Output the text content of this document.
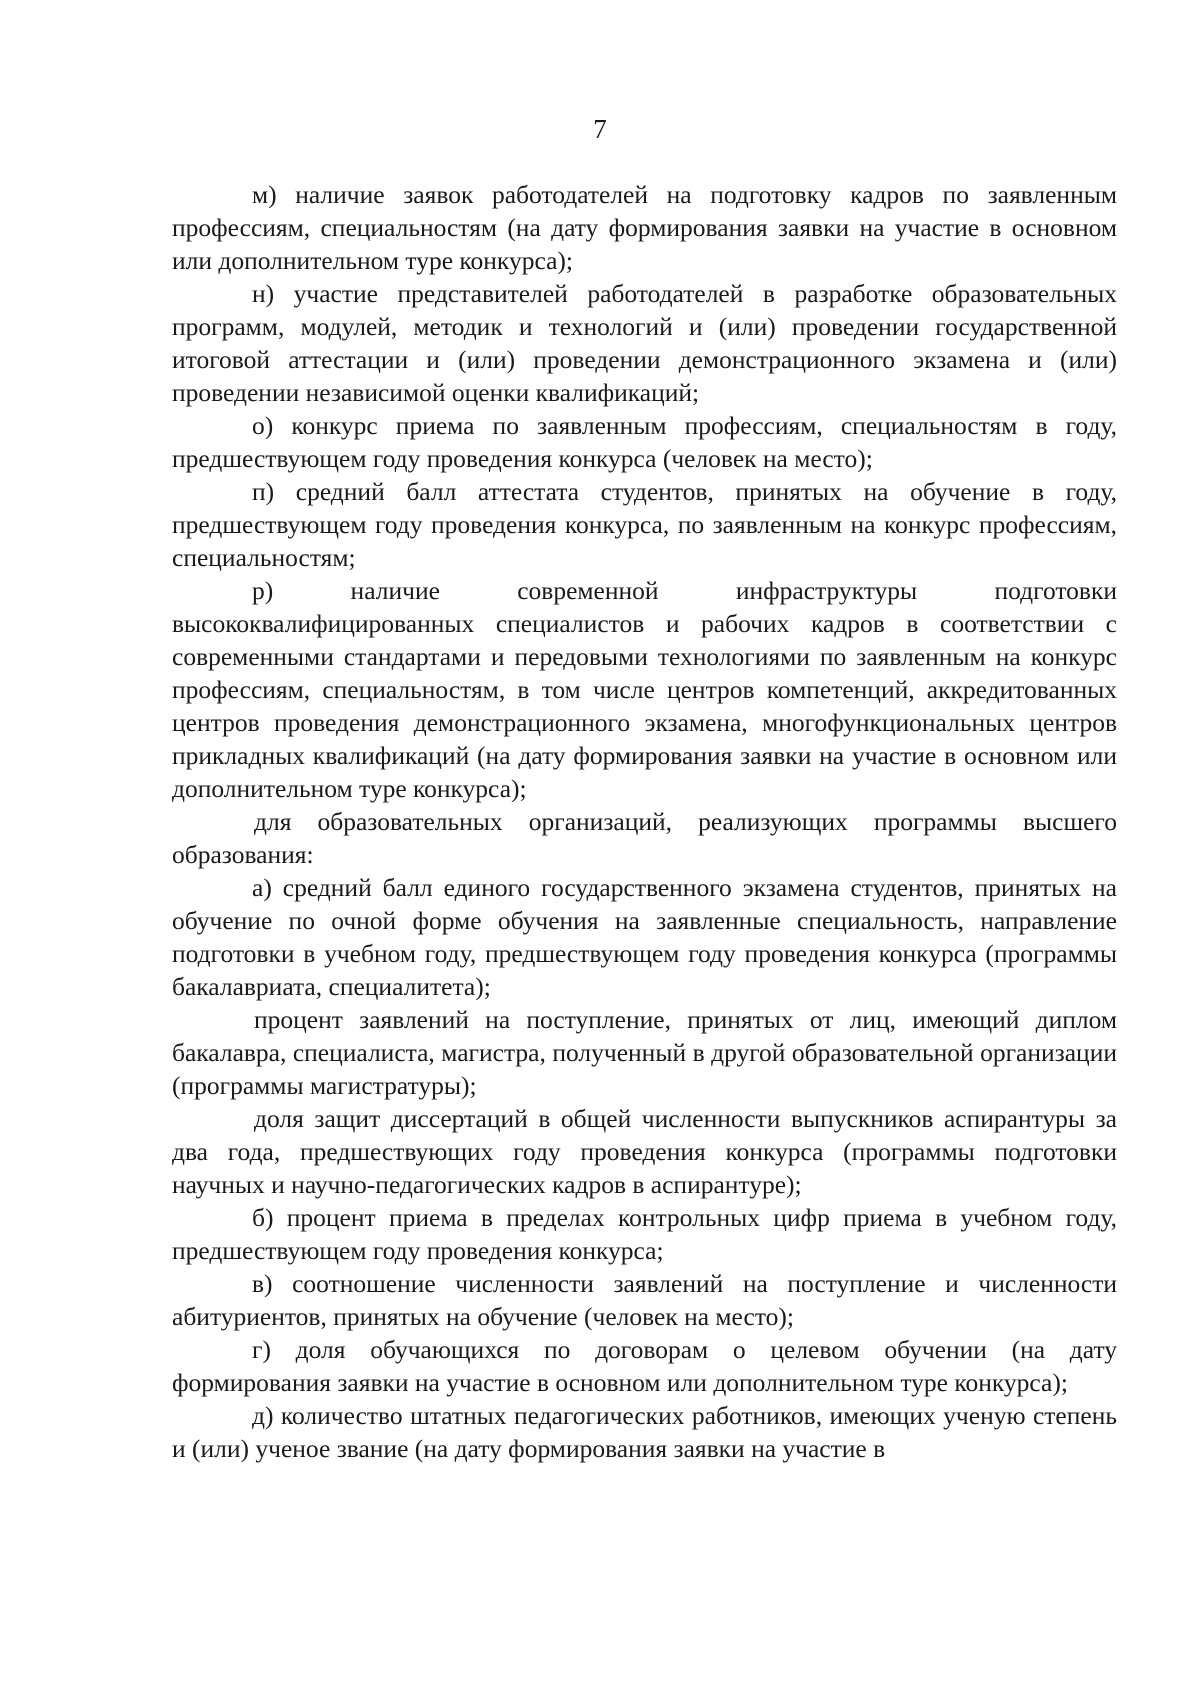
7

м) наличие заявок работодателей на подготовку кадров по заявленным профессиям, специальностям (на дату формирования заявки на участие в основном или дополнительном туре конкурса);

н) участие представителей работодателей в разработке образовательных программ, модулей, методик и технологий и (или) проведении государственной итоговой аттестации и (или) проведении демонстрационного экзамена и (или) проведении независимой оценки квалификаций;

о) конкурс приема по заявленным профессиям, специальностям в году, предшествующем году проведения конкурса (человек на место);

п) средний балл аттестата студентов, принятых на обучение в году, предшествующем году проведения конкурса, по заявленным на конкурс профессиям, специальностям;

р) наличие современной инфраструктуры подготовки высококвалифицированных специалистов и рабочих кадров в соответствии с современными стандартами и передовыми технологиями по заявленным на конкурс профессиям, специальностям, в том числе центров компетенций, аккредитованных центров проведения демонстрационного экзамена, многофункциональных центров прикладных квалификаций (на дату формирования заявки на участие в основном или дополнительном туре конкурса);

для образовательных организаций, реализующих программы высшего образования:

а) средний балл единого государственного экзамена студентов, принятых на обучение по очной форме обучения на заявленные специальность, направление подготовки в учебном году, предшествующем году проведения конкурса (программы бакалавриата, специалитета);

процент заявлений на поступление, принятых от лиц, имеющий диплом бакалавра, специалиста, магистра, полученный в другой образовательной организации (программы магистратуры);

доля защит диссертаций в общей численности выпускников аспирантуры за два года, предшествующих году проведения конкурса (программы подготовки научных и научно-педагогических кадров в аспирантуре);

б) процент приема в пределах контрольных цифр приема в учебном году, предшествующем году проведения конкурса;

в) соотношение численности заявлений на поступление и численности абитуриентов, принятых на обучение (человек на место);

г) доля обучающихся по договорам о целевом обучении (на дату формирования заявки на участие в основном или дополнительном туре конкурса);

д) количество штатных педагогических работников, имеющих ученую степень и (или) ученое звание (на дату формирования заявки на участие в
